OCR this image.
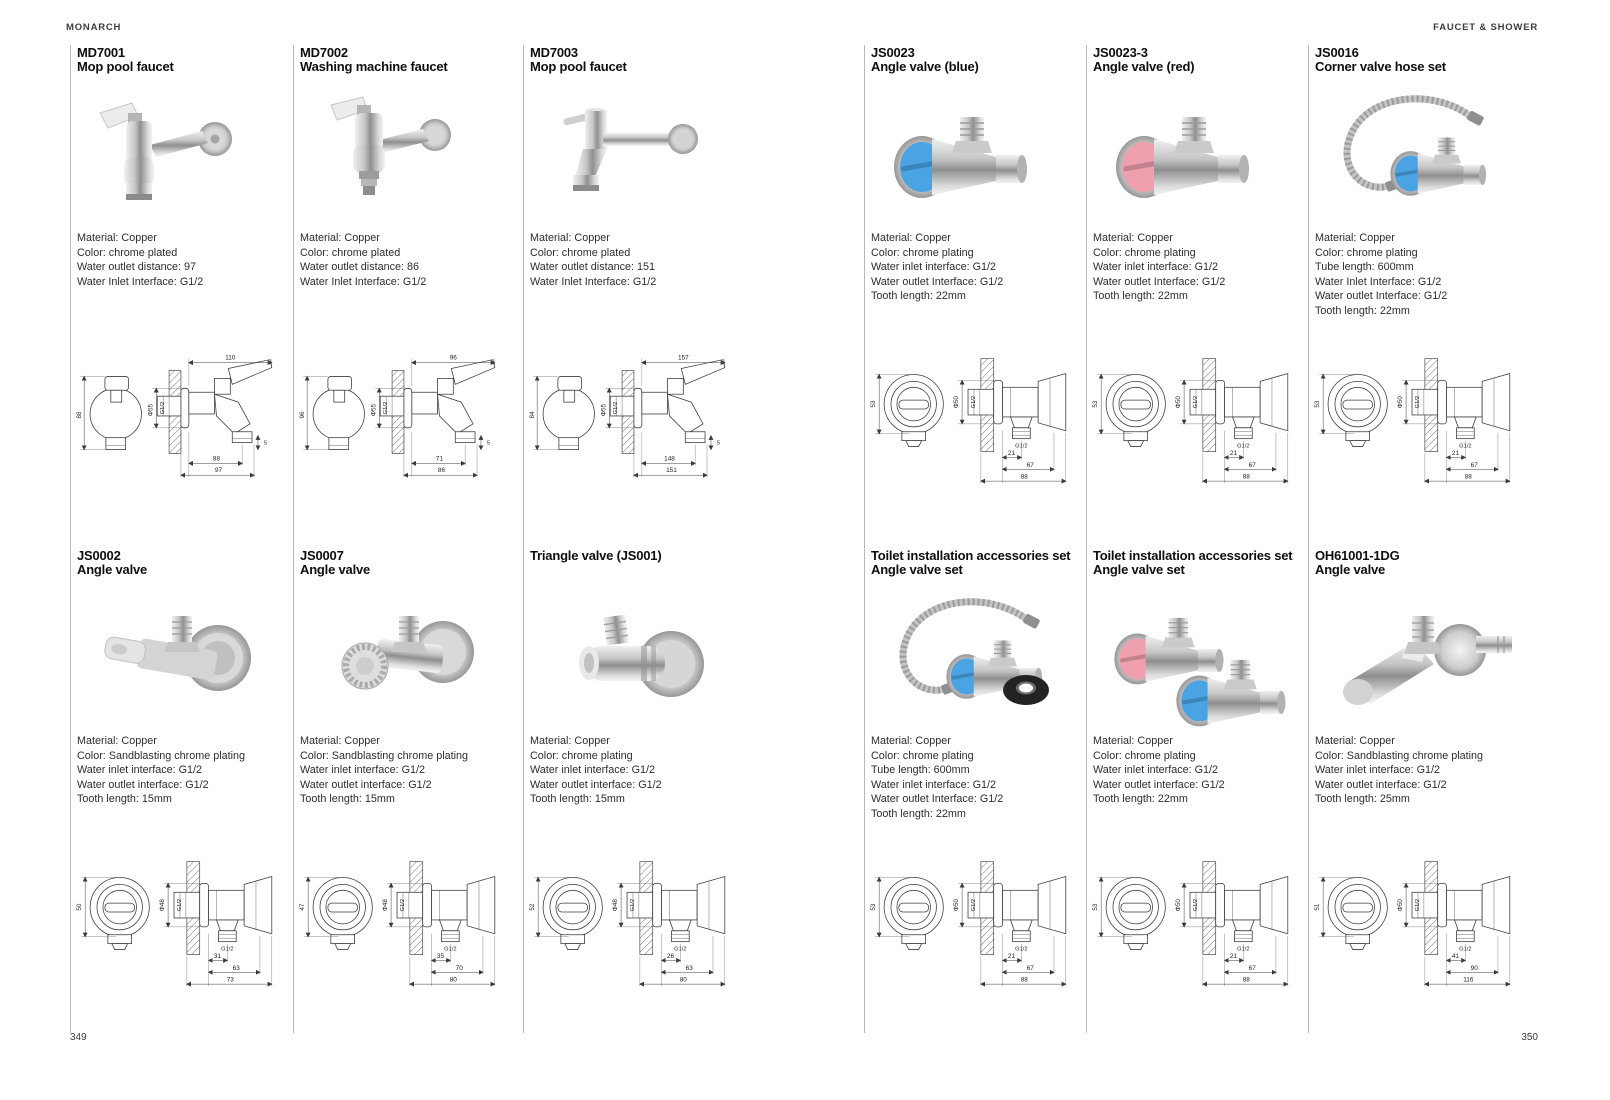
MONARCH	FAUCET & SHOWER
MD7001
Mop pool faucet
Material: Copper
Color: chrome plated
Water outlet distance: 97
Water Inlet Interface: G1/2
88
110
Φ55 G1/2
88
97
5
MD7002
Washing machine faucet
Material: Copper
Color: chrome plated
Water outlet distance: 86
Water Inlet Interface: G1/2
96
96
Φ55 G1/2
71
86
5
MD7003
Mop pool faucet
Material: Copper
Color: chrome plated
Water outlet distance: 151
Water Inlet Interface: G1/2
84
157
Φ55 G1/2
148
151
5
JS0023
Angle valve (blue)
Material: Copper
Color: chrome plating
Water inlet interface: G1/2
Water outlet Interface: G1/2
Tooth length: 22mm
53	Φ50 G1/2
G1/2
21
67
88
JS0023-3
Angle valve (red)
Material: Copper
Color: chrome plating
Water inlet interface: G1/2
Water outlet Interface: G1/2
Tooth length: 22mm
53	Φ50 G1/2
G1/2
21
67
88
JS0016
Corner valve hose set
Material: Copper
Color: chrome plating
Tube length: 600mm
Water Inlet Interface: G1/2
Water outlet Interface: G1/2
Tooth length: 22mm
53	Φ50 G1/2
G1/2
21
67
88
JS0002
Angle valve
Material: Copper
Color: Sandblasting chrome plating
Water inlet interface: G1/2
Water outlet interface: G1/2
Tooth length: 15mm
50	Φ48 G1/2
G1/2
31
63
73
JS0007
Angle valve
Material: Copper
Color: Sandblasting chrome plating
Water inlet interface: G1/2
Water outlet interface: G1/2
Tooth length: 15mm
47	Φ48 G1/2
G1/2
35
70
80
Triangle valve (JS001)
Material: Copper
Color: chrome plating
Water inlet interface: G1/2
Water outlet interface: G1/2
Tooth length: 15mm
52	Φ48 G1/2
G1/2
26
63
80
Toilet installation accessories set
Angle valve set
Material: Copper
Color: chrome plating
Tube length: 600mm
Water inlet interface: G1/2
Water outlet Interface: G1/2
Tooth length: 22mm
53	Φ50 G1/2
G1/2
21
67
88
Toilet installation accessories set
Angle valve set
Material: Copper
Color: chrome plating
Water inlet interface: G1/2
Water outlet interface: G1/2
Tooth length: 22mm
53	Φ50 G1/2
G1/2
21
67
88
OH61001-1DG
Angle valve
Material: Copper
Color: Sandblasting chrome plating
Water inlet interface: G1/2
Water outlet interface: G1/2
Tooth length: 25mm
51	Φ50 G1/2
G1/2
41
90
116
349	350
